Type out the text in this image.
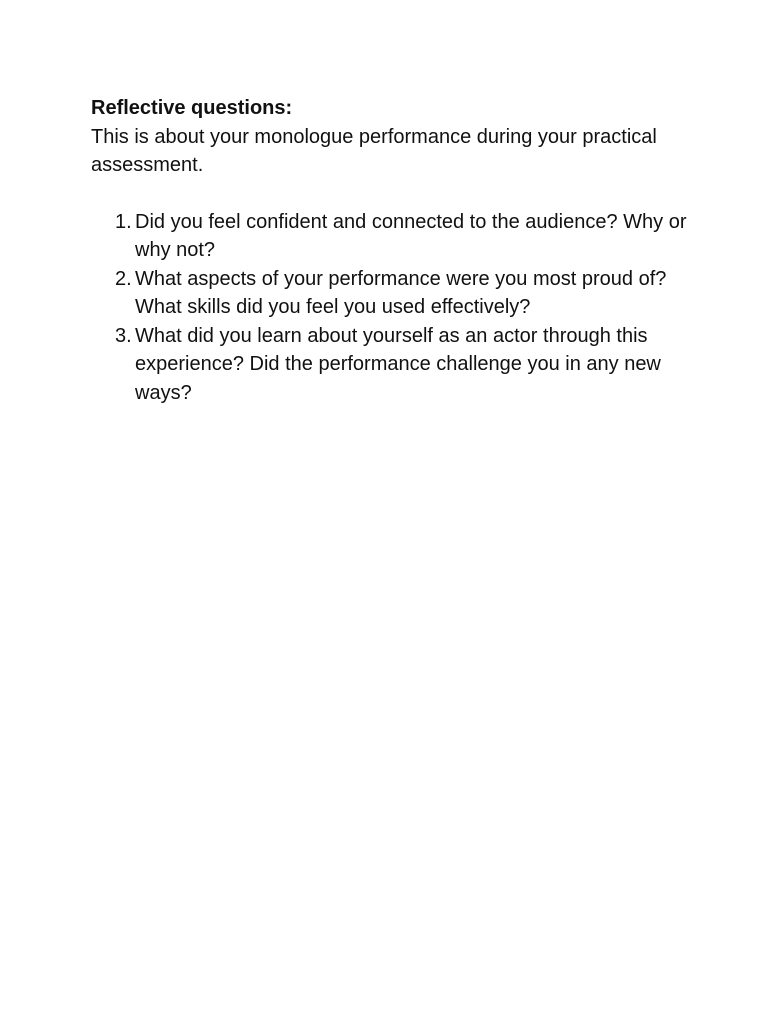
Reflective questions:

This is about your monologue performance during your practical assessment.

1. Did you feel confident and connected to the audience? Why or why not?
2. What aspects of your performance were you most proud of? What skills did you feel you used effectively?
3. What did you learn about yourself as an actor through this experience? Did the performance challenge you in any new ways?
